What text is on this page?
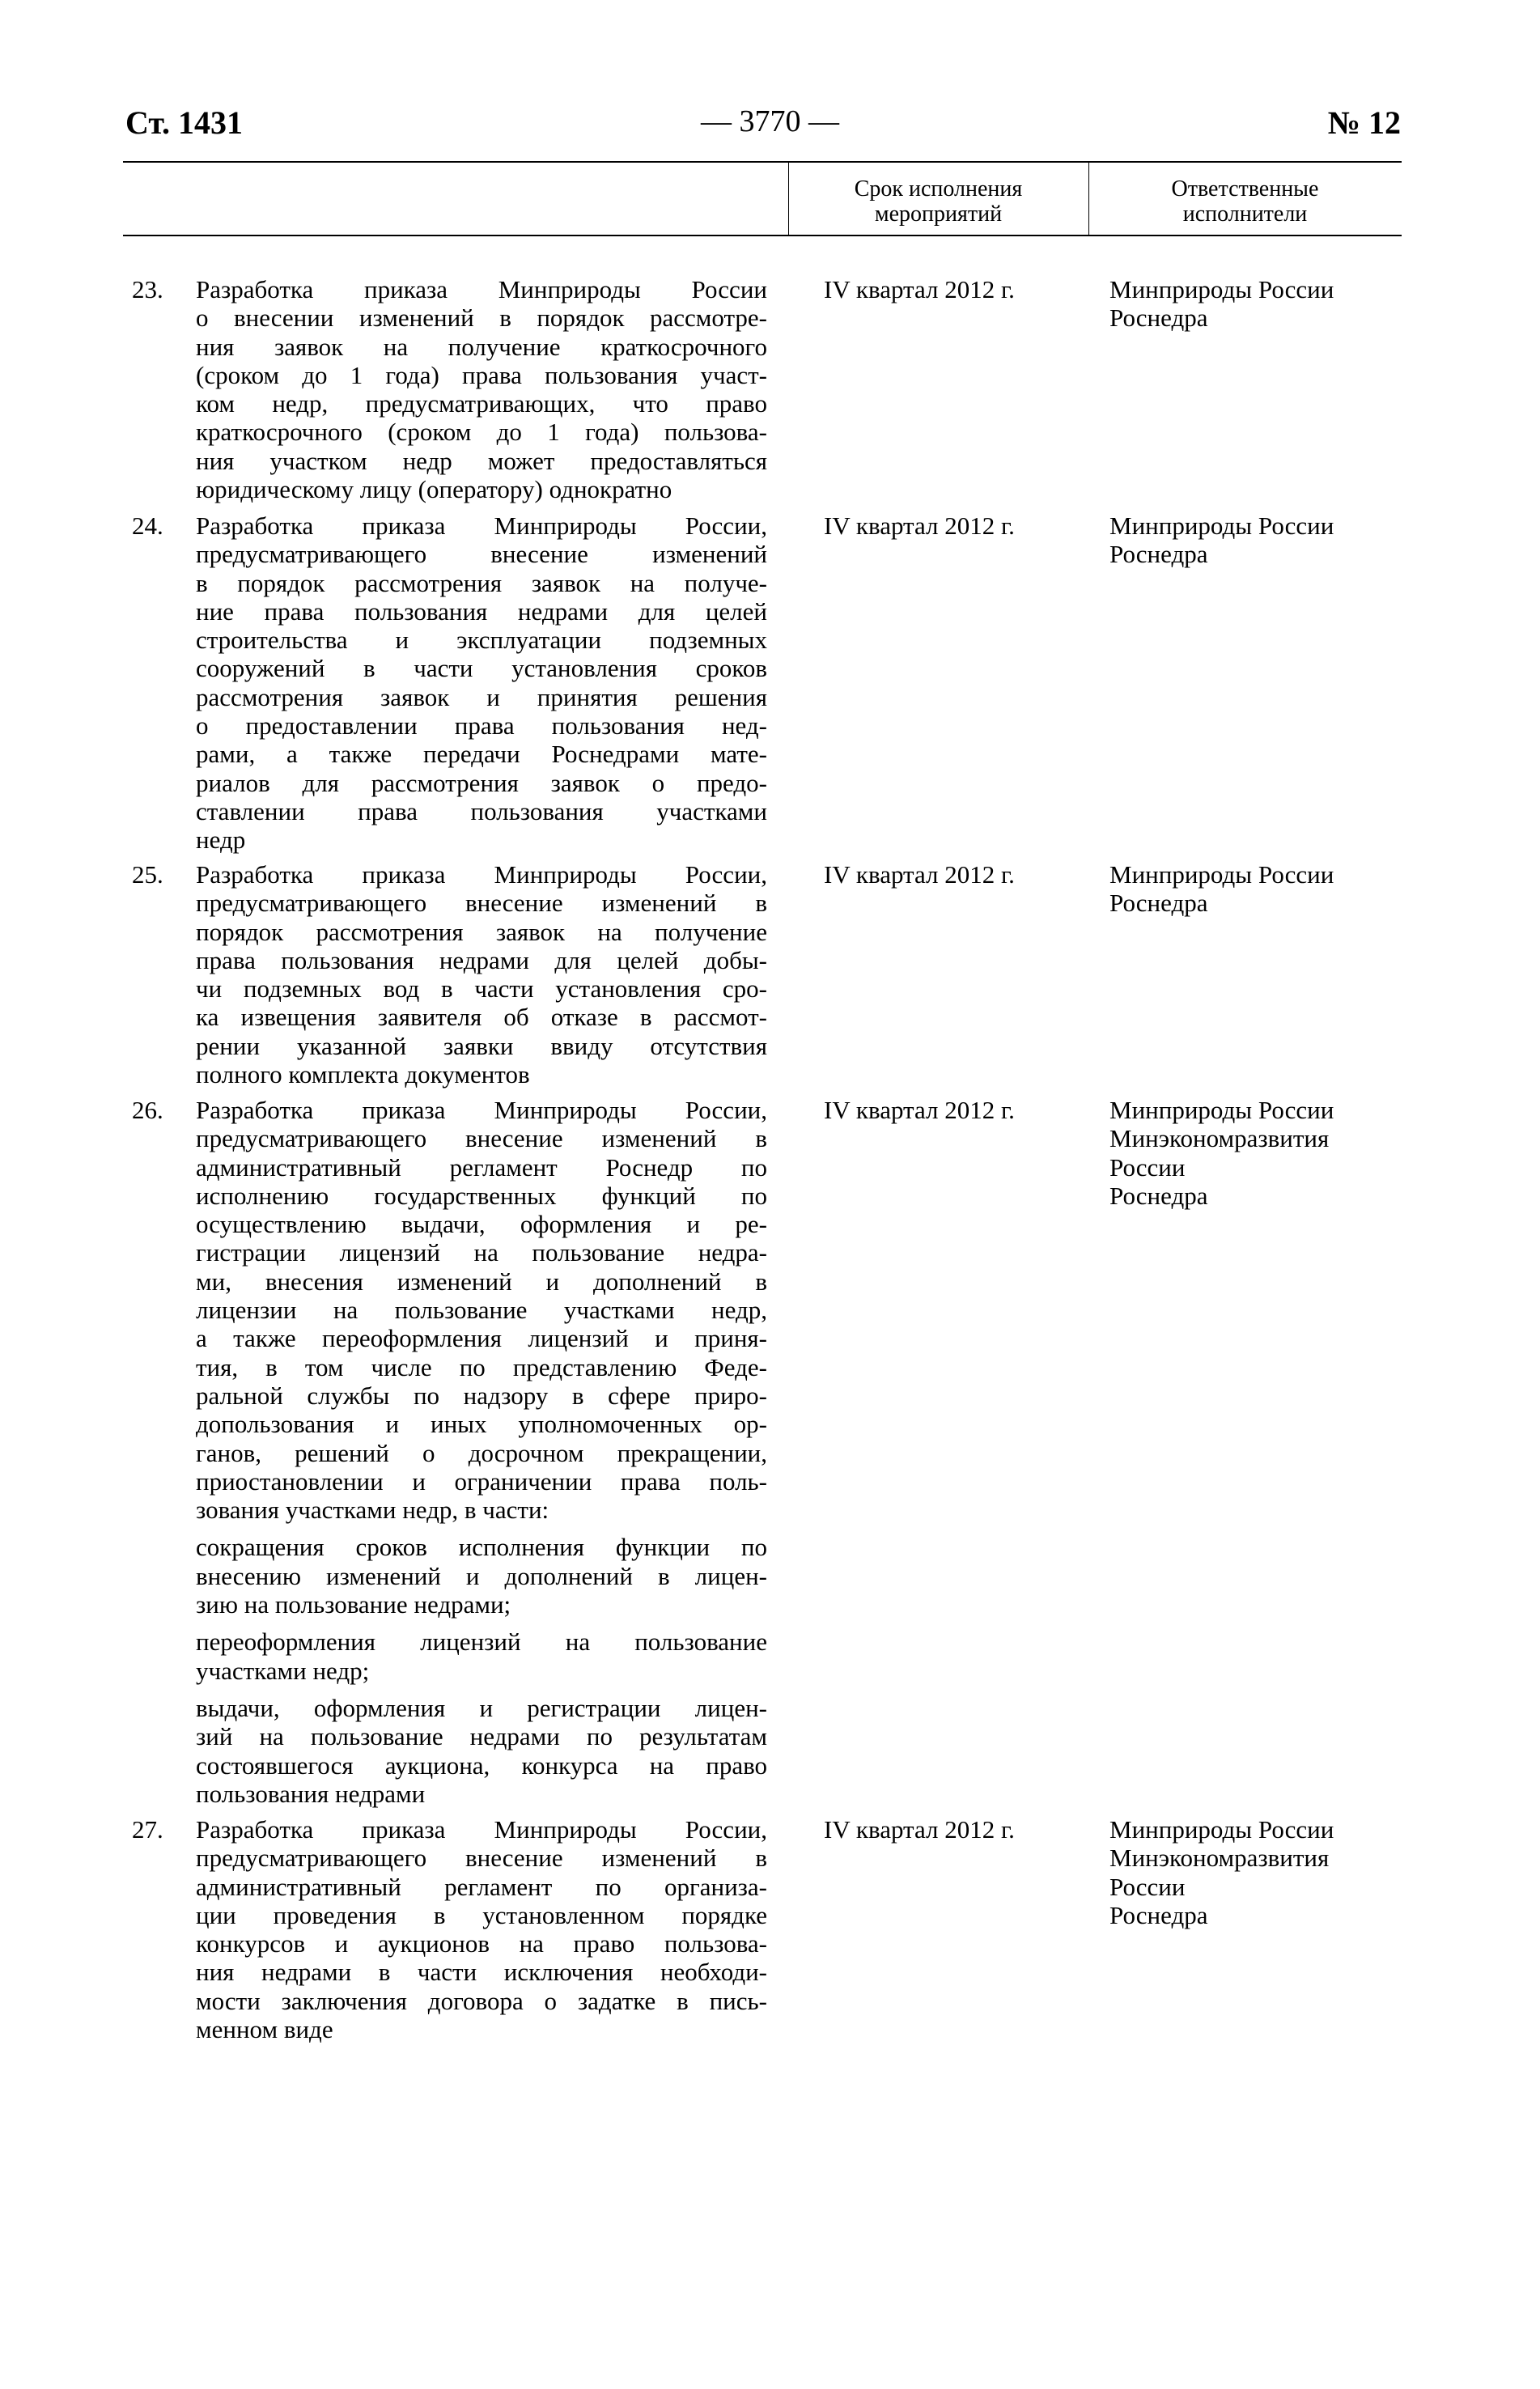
Ст. 1431	— 3770 —	№ 12
Срок исполнения
мероприятий
Ответственные
исполнители
23. Разработка приказа Минприроды России
о внесении изменений в порядок рассмотре-
ния заявок на получение краткосрочного
(сроком до 1 года) права пользования участ-
ком недр, предусматривающих, что право
краткосрочного (сроком до 1 года) пользова-
ния участком недр может предоставляться
юридическому лицу (оператору) однократно
IV квартал 2012 г.	Минприроды России
Роснедра
24. Разработка приказа Минприроды России,
предусматривающего внесение изменений
в порядок рассмотрения заявок на получе-
ние права пользования недрами для целей
строительства и эксплуатации подземных
сооружений в части установления сроков
рассмотрения заявок и принятия решения
о предоставлении права пользования нед-
рами, а также передачи Роснедрами мате-
риалов для рассмотрения заявок о предо-
ставлении права пользования участками
недр
IV квартал 2012 г.	Минприроды России
Роснедра
25. Разработка приказа Минприроды России,
предусматривающего внесение изменений в
порядок рассмотрения заявок на получение
права пользования недрами для целей добы-
чи подземных вод в части установления сро-
ка извещения заявителя об отказе в рассмот-
рении указанной заявки ввиду отсутствия
полного комплекта документов
IV квартал 2012 г.	Минприроды России
Роснедра
26. Разработка приказа Минприроды России,
предусматривающего внесение изменений в
административный регламент Роснедр по
исполнению государственных функций по
осуществлению выдачи, оформления и ре-
гистрации лицензий на пользование недра-
ми, внесения изменений и дополнений в
лицензии на пользование участками недр,
а также переоформления лицензий и приня-
тия, в том числе по представлению Феде-
ральной службы по надзору в сфере приро-
допользования и иных уполномоченных ор-
ганов, решений о досрочном прекращении,
приостановлении и ограничении права поль-
зования участками недр, в части:
сокращения сроков исполнения функции по
внесению изменений и дополнений в лицен-
зию на пользование недрами;
переоформления лицензий на пользование
участками недр;
выдачи, оформления и регистрации лицен-
зий на пользование недрами по результатам
состоявшегося аукциона, конкурса на право
пользования недрами
IV квартал 2012 г.	Минприроды России
Минэкономразвития
России
Роснедра
27. Разработка приказа Минприроды России,
предусматривающего внесение изменений в
административный регламент по организа-
ции проведения в установленном порядке
конкурсов и аукционов на право пользова-
ния недрами в части исключения необходи-
мости заключения договора о задатке в пись-
менном виде
IV квартал 2012 г.	Минприроды России
Минэкономразвития
России
Роснедра
